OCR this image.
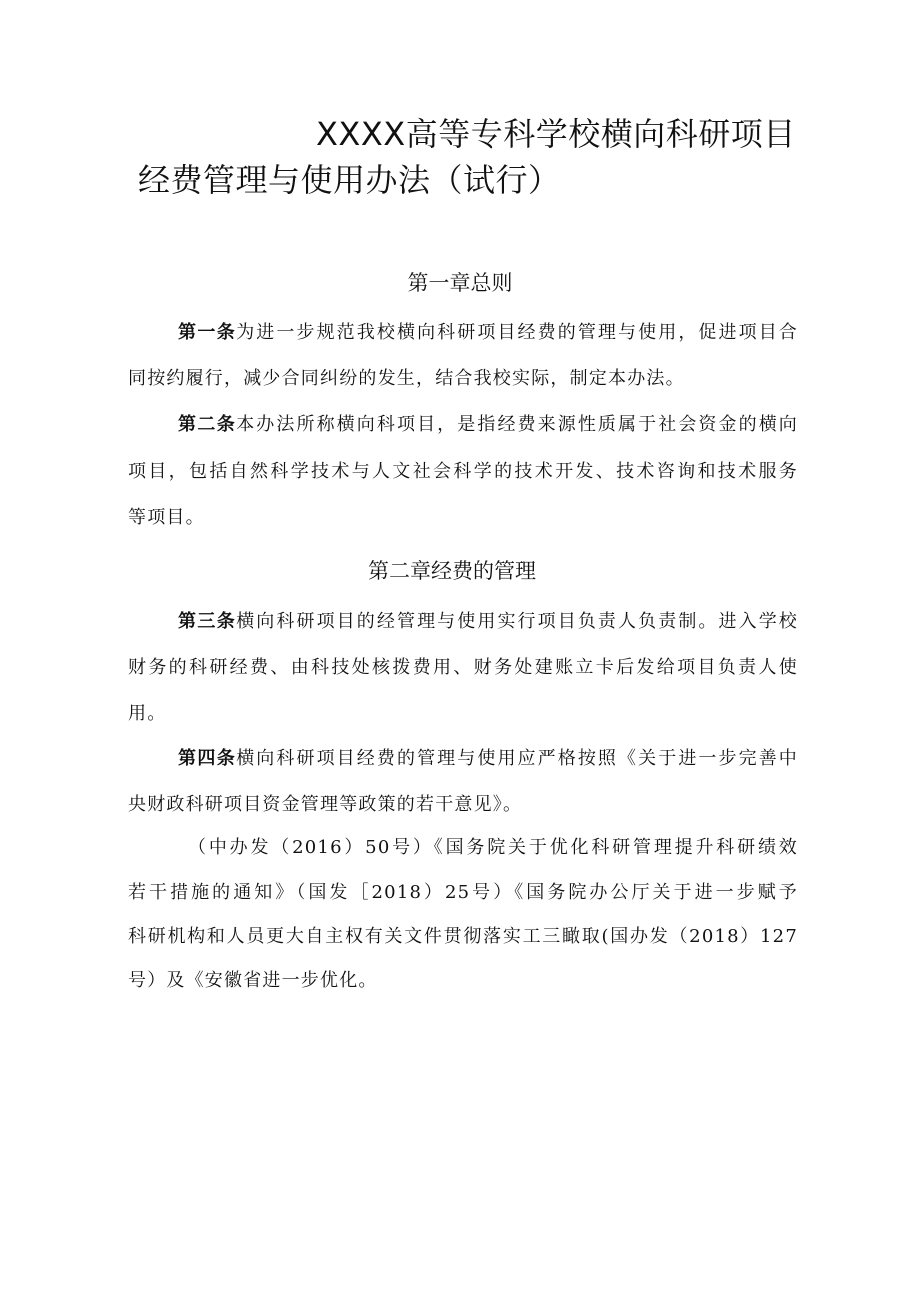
XXXX高等专科学校横向科研项目
经费管理与使用办法（试行）
第一章总则
第一条为进一步规范我校横向科研项目经费的管理与使用，促进项目合
同按约履行，减少合同纠纷的发生，结合我校实际，制定本办法。
第二条本办法所称横向科项目，是指经费来源性质属于社会资金的横向
项目，包括自然科学技术与人文社会科学的技术开发、技术咨询和技术服务
等项目。
第二章经费的管理
第三条横向科研项目的经管理与使用实行项目负责人负责制。进入学校
财务的科研经费、由科技处核拨费用、财务处建账立卡后发给项目负责人使
用。
第四条横向科研项目经费的管理与使用应严格按照《关于进一步完善中
央财政科研项目资金管理等政策的若干意见》。
（中办发（2016）50号）《国务院关于优化科研管理提升科研绩效
若干措施的通知》（国发［2018）25号）《国务院办公厅关于进一步赋予
科研机构和人员更大自主权有关文件贯彻落实工三瞰取(国办发（2018）127
号）及《安徽省进一步优化。
